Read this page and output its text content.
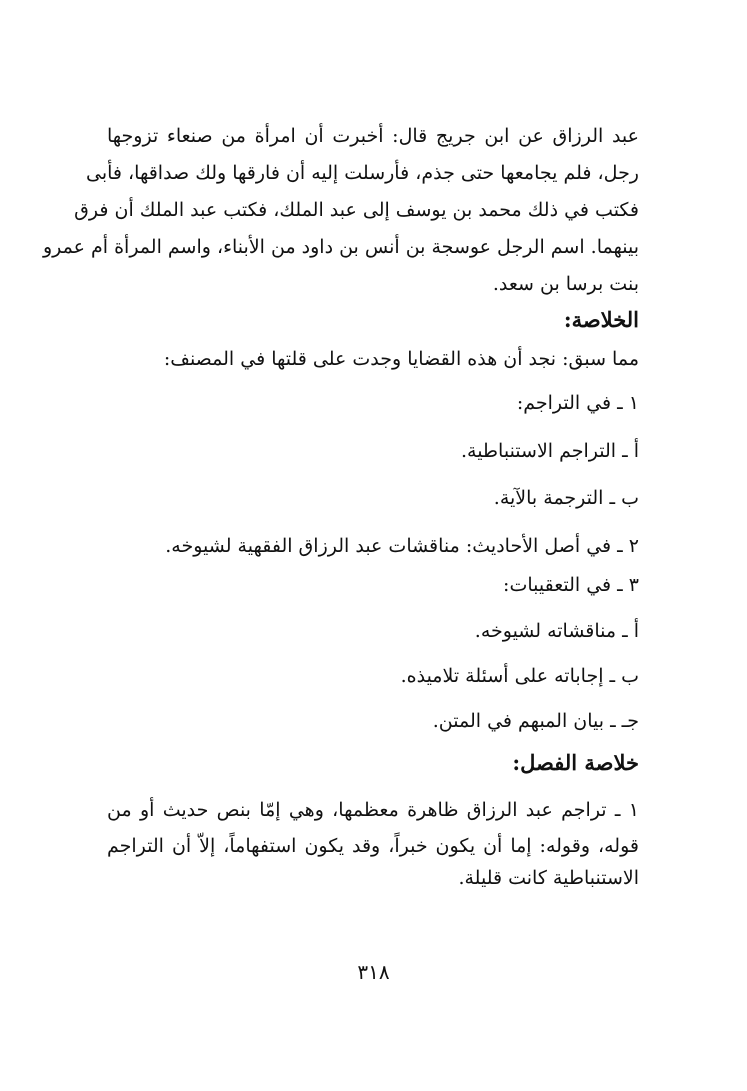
عبد الرزاق عن ابن جريج قال: أخبرت أن امرأة من صنعاء تزوجها
رجل، فلم يجامعها حتى جذم، فأرسلت إليه أن فارقها ولك صداقها، فأبى
فكتب في ذلك محمد بن يوسف إلى عبد الملك، فكتب عبد الملك أن فرق
بينهما. اسم الرجل عوسجة بن أنس بن داود من الأبناء، واسم المرأة أم عمرو
بنت برسا بن سعد.
الخلاصة:
مما سبق: نجد أن هذه القضايا وجدت على قلتها في المصنف:
١ ـ في التراجم:
أ ـ التراجم الاستنباطية.
ب ـ الترجمة بالآية.
٢ ـ في أصل الأحاديث: مناقشات عبد الرزاق الفقهية لشيوخه.
٣ ـ في التعقيبات:
أ ـ مناقشاته لشيوخه.
ب ـ إجاباته على أسئلة تلاميذه.
جـ ـ بيان المبهم في المتن.
خلاصة الفصل:
١ ـ تراجم عبد الرزاق ظاهرة معظمها، وهي إمّا بنص حديث أو من
قوله، وقوله: إما أن يكون خبراً، وقد يكون استفهاماً، إلاّ أن التراجم
الاستنباطية كانت قليلة.
٣١٨
